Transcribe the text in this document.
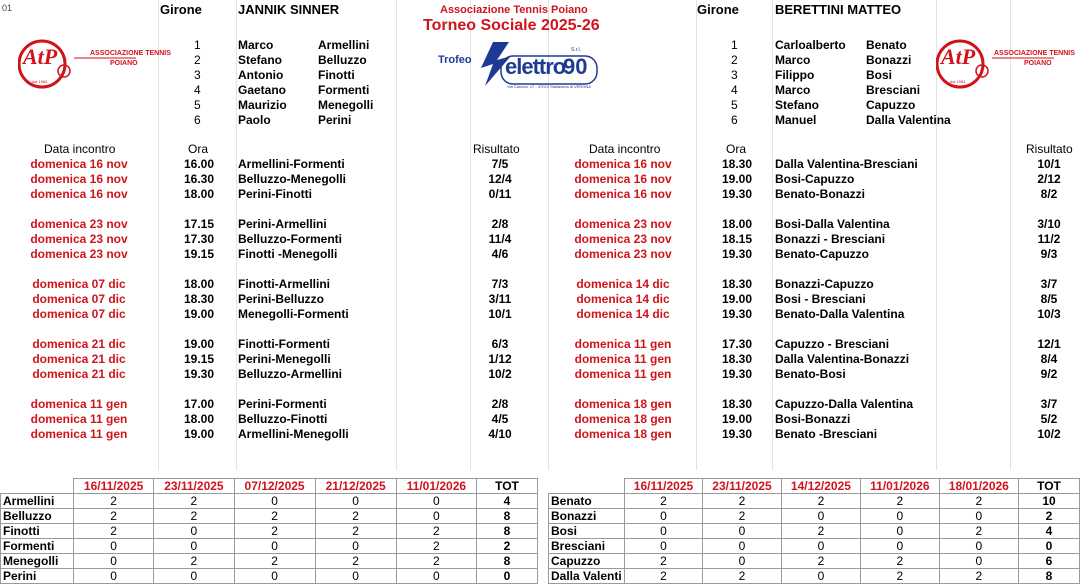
01	Girone	JANNIK SINNER	Associazione Tennis Poiano
Torneo Sociale 2025-26
Girone	BERETTINI MATTEO
AtP	ASSOCIAZIONE TENNIS
POIANO
dal 1983
AtP	ASSOCIAZIONE TENNIS
POIANO
dal 1983
Trofeo elettro
90
S.r.l.
Via Canova, 17 - 37023 Stallavena di VERONA
1	Marco	Armellini
2	Stefano	Belluzzo
3	Antonio	Finotti
4	Gaetano	Formenti
5	Maurizio	Menegolli
6	Paolo	Perini
1	Carloalberto Benato
2	Marco	Bonazzi
3	Filippo	Bosi
4	Marco	Bresciani
5	Stefano	Capuzzo
6	Manuel	Dalla Valentina
Data incontro	Ora	Risultato	Data incontro	Ora	Risultato
domenica 16 nov	16.00 Armellini-Formenti	7/5
domenica 16 nov	16.30 Belluzzo-Menegolli	12/4
domenica 16 nov	18.00 Perini-Finotti	0/11
domenica 23 nov	17.15 Perini-Armellini	2/8
domenica 23 nov	17.30 Belluzzo-Formenti	11/4
domenica 23 nov	19.15 Finotti -Menegolli	4/6
domenica 07 dic	18.00 Finotti-Armellini	7/3
domenica 07 dic	18.30 Perini-Belluzzo	3/11
domenica 07 dic	19.00 Menegolli-Formenti	10/1
domenica 21 dic	19.00 Finotti-Formenti	6/3
domenica 21 dic	19.15 Perini-Menegolli	1/12
domenica 21 dic	19.30 Belluzzo-Armellini	10/2
domenica 11 gen	17.00 Perini-Formenti	2/8
domenica 11 gen	18.00 Belluzzo-Finotti	4/5
domenica 11 gen	19.00 Armellini-Menegolli	4/10
domenica 16 nov	18.30 Dalla Valentina-Bresciani	10/1
domenica 16 nov	19.00 Bosi-Capuzzo	2/12
domenica 16 nov	19.30 Benato-Bonazzi	8/2
domenica 23 nov	18.00 Bosi-Dalla Valentina	3/10
domenica 23 nov	18.15 Bonazzi - Bresciani	11/2
domenica 23 nov	19.30 Benato-Capuzzo	9/3
domenica 14 dic	18.30 Bonazzi-Capuzzo	3/7
domenica 14 dic	19.00 Bosi - Bresciani	8/5
domenica 14 dic	19.30 Benato-Dalla Valentina	10/3
domenica 11 gen	17.30 Capuzzo - Bresciani	12/1
domenica 11 gen	18.30 Dalla Valentina-Bonazzi	8/4
domenica 11 gen	19.30 Benato-Bosi	9/2
domenica 18 gen	18.30 Capuzzo-Dalla Valentina	3/7
domenica 18 gen	19.00 Bosi-Bonazzi	5/2
domenica 18 gen	19.30 Benato -Bresciani	10/2
	16/11/2025	23/11/2025	07/12/2025	21/12/2025	11/01/2026	TOT
Armellini	2	2	0	0	0	4
Belluzzo	2	2	2	2	0	8
Finotti	2	0	2	2	2	8
Formenti	0	0	0	0	2	2
Menegolli	0	2	2	2	2	8
Perini	0	0	0	0	0	0
	16/11/2025	23/11/2025	14/12/2025	11/01/2026	18/01/2026	TOT
Benato	2	2	2	2	2	10
Bonazzi	0	2	0	0	0	2
Bosi	0	0	2	0	2	4
Bresciani	0	0	0	0	0	0
Capuzzo	2	0	2	2	0	6
Dalla Valenti	2	2	0	2	2	8
